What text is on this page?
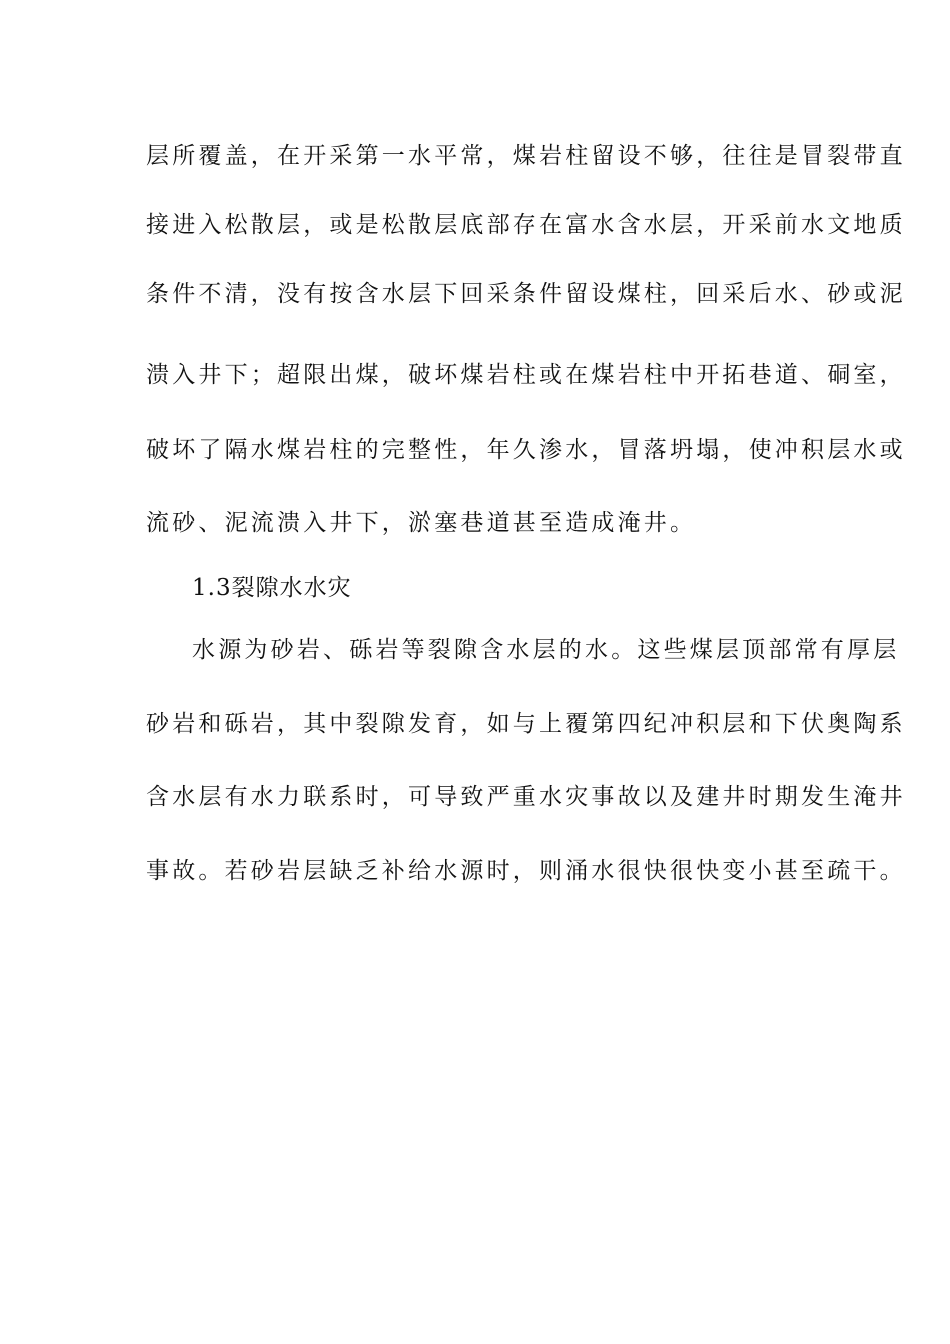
层所覆盖，在开采第一水平常，煤岩柱留设不够，往往是冒裂带直
接进入松散层，或是松散层底部存在富水含水层，开采前水文地质
条件不清，没有按含水层下回采条件留设煤柱，回采后水、砂或泥
溃入井下；超限出煤，破坏煤岩柱或在煤岩柱中开拓巷道、硐室，
破坏了隔水煤岩柱的完整性，年久渗水，冒落坍塌，使冲积层水或
流砂、泥流溃入井下，淤塞巷道甚至造成淹井。
1.3裂隙水水灾
水源为砂岩、砾岩等裂隙含水层的水。这些煤层顶部常有厚层
砂岩和砾岩，其中裂隙发育，如与上覆第四纪冲积层和下伏奥陶系
含水层有水力联系时，可导致严重水灾事故以及建井时期发生淹井
事故。若砂岩层缺乏补给水源时，则涌水很快很快变小甚至疏干。
